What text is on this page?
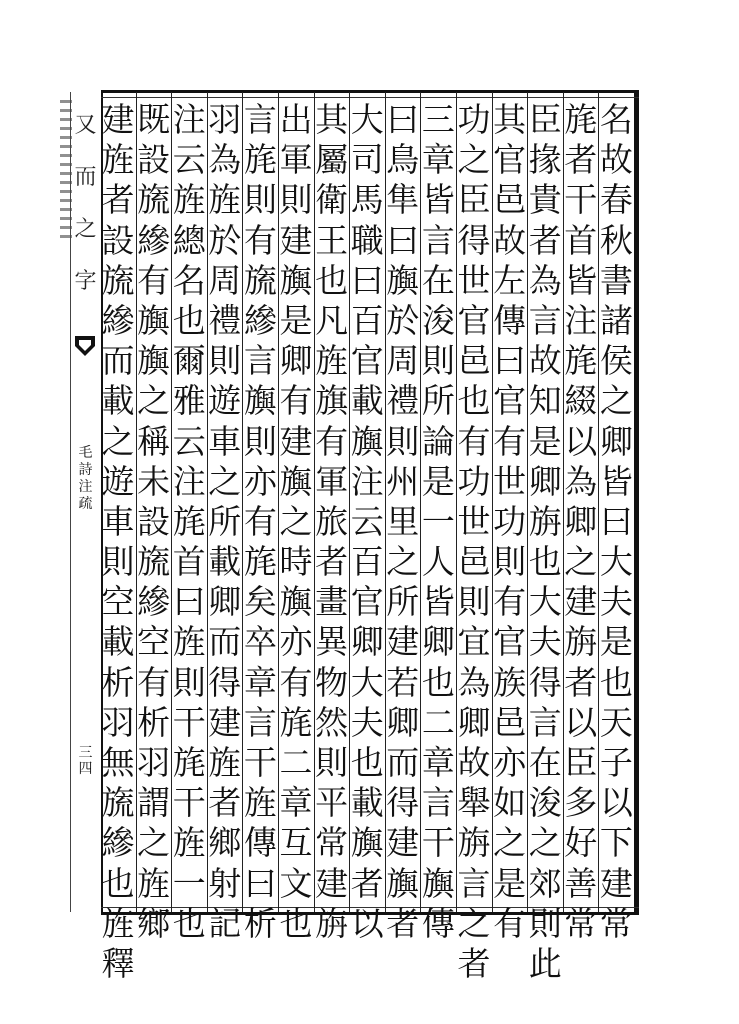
又
而
之
字
毛
詩
注
疏
三
四
名
故
春
秋
書
諸
侯
之
卿
皆
曰
大
夫
是
也
天
子
以
下
建
常
旄
者
干
首
皆
注
旄
綴
以
為
卿
之
建
旃
者
以
臣
多
好
善
常
臣
掾
貴
者
為
言
故
知
是
卿
旃
也
大
夫
得
言
在
浚
之
郊
則
此
其
官
邑
故
左
傳
曰
官
有
世
功
則
有
官
族
邑
亦
如
之
是
有
功
之
臣
得
世
官
邑
也
有
功
世
邑
則
宜
為
卿
故
舉
旃
言
之
者
三
章
皆
言
在
浚
則
所
論
是
一
人
皆
卿
也
二
章
言
干
旟
傳
曰
鳥
隼
曰
旟
於
周
禮
則
州
里
之
所
建
若
卿
而
得
建
旟
者
大
司
馬
職
曰
百
官
載
旟
注
云
百
官
卿
大
夫
也
載
旟
者
以
其
屬
衛
王
也
凡
旌
旗
有
軍
旅
者
畫
異
物
然
則
平
常
建
旃
出
軍
則
建
旟
是
卿
有
建
旟
之
時
旟
亦
有
旄
二
章
互
文
也
言
旄
則
有
旒
縿
言
旟
則
亦
有
旄
矣
卒
章
言
干
旌
傳
曰
析
羽
為
旌
於
周
禮
則
遊
車
之
所
載
卿
而
得
建
旌
者
鄉
射
記
注
云
旌
總
名
也
爾
雅
云
注
旄
首
曰
旌
則
干
旄
干
旌
一
也
既
設
旒
縿
有
旟
旟
之
稱
未
設
旒
縿
空
有
析
羽
謂
之
旌
鄉
建
旌
者
設
旒
縿
而
載
之
遊
車
則
空
載
析
羽
無
旒
縿
也
旌
釋
